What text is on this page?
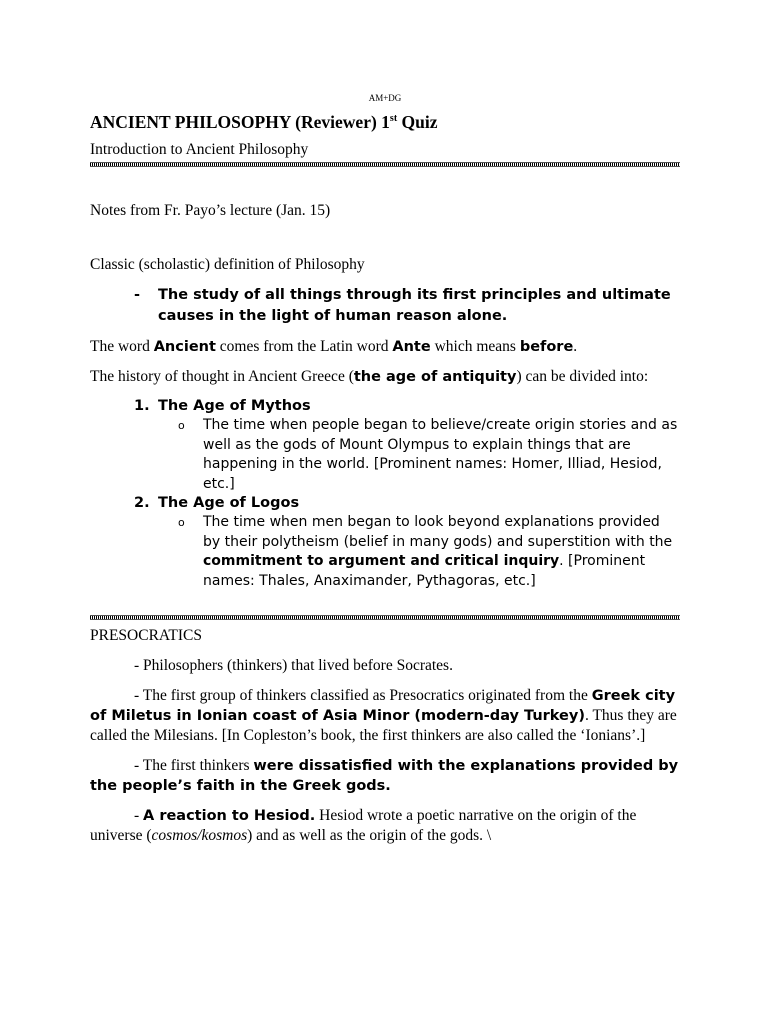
AM+DG
ANCIENT PHILOSOPHY (Reviewer) 1st Quiz
Introduction to Ancient Philosophy

Notes from Fr. Payo’s lecture (Jan. 15)

Classic (scholastic) definition of Philosophy

-	The study of all things through its first principles and ultimate causes in the light of human reason alone.

The word Ancient comes from the Latin word Ante which means before.

The history of thought in Ancient Greece (the age of antiquity) can be divided into:

1. The Age of Mythos
o	The time when people began to believe/create origin stories and as well as the gods of Mount Olympus to explain things that are happening in the world. [Prominent names: Homer, Illiad, Hesiod, etc.]
2. The Age of Logos
o	The time when men began to look beyond explanations provided by their polytheism (belief in many gods) and superstition with the commitment to argument and critical inquiry. [Prominent names: Thales, Anaximander, Pythagoras, etc.]

PRESOCRATICS

- Philosophers (thinkers) that lived before Socrates.

- The first group of thinkers classified as Presocratics originated from the Greek city of Miletus in Ionian coast of Asia Minor (modern-day Turkey). Thus they are called the Milesians. [In Copleston’s book, the first thinkers are also called the ‘Ionians’.]

- The first thinkers were dissatisfied with the explanations provided by the people’s faith in the Greek gods.

- A reaction to Hesiod. Hesiod wrote a poetic narrative on the origin of the universe (cosmos/kosmos) and as well as the origin of the gods. \
